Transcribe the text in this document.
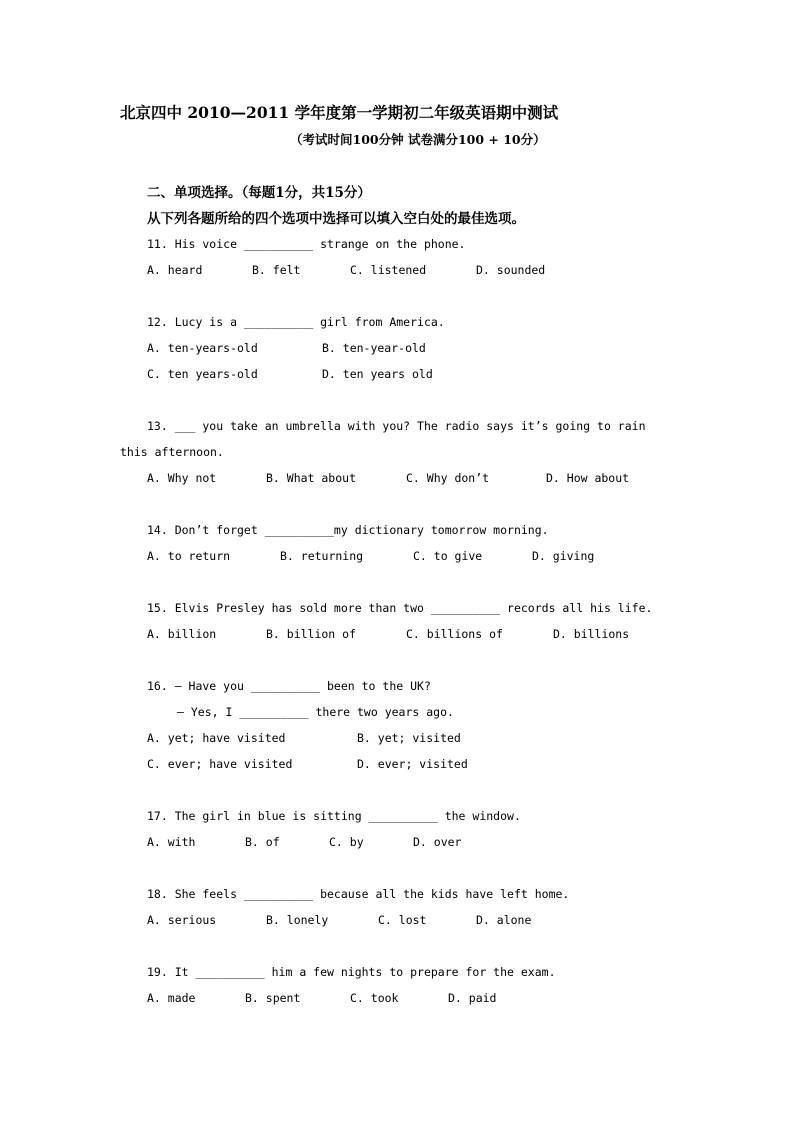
北京四中 2010—2011 学年度第一学期初二年级英语期中测试
（考试时间100分钟 试卷满分100 + 10分）
二、单项选择。（每题1分，共15分）
从下列各题所给的四个选项中选择可以填入空白处的最佳选项。
11. His voice __________ strange on the phone.
A. heard	B. felt	C. listened	D. sounded
12. Lucy is a __________ girl from America.
A. ten-years-old	B. ten-year-old
C. ten years-old	D. ten years old
13. ___ you take an umbrella with you? The radio says it’s going to rain
this afternoon.
A. Why not	B. What about	C. Why don’t	D. How about
14. Don’t forget __________my dictionary tomorrow morning.
A. to return	B. returning	C. to give	D. giving
15. Elvis Presley has sold more than two __________ records all his life.
A. billion	B. billion of	C. billions of	D. billions
16. – Have you __________ been to the UK?
– Yes, I __________ there two years ago.
A. yet; have visited	B. yet; visited
C. ever; have visited	D. ever; visited
17. The girl in blue is sitting __________ the window.
A. with	B. of	C. by	D. over
18. She feels __________ because all the kids have left home.
A. serious	B. lonely	C. lost	D. alone
19. It __________ him a few nights to prepare for the exam.
A. made	B. spent	C. took	D. paid
